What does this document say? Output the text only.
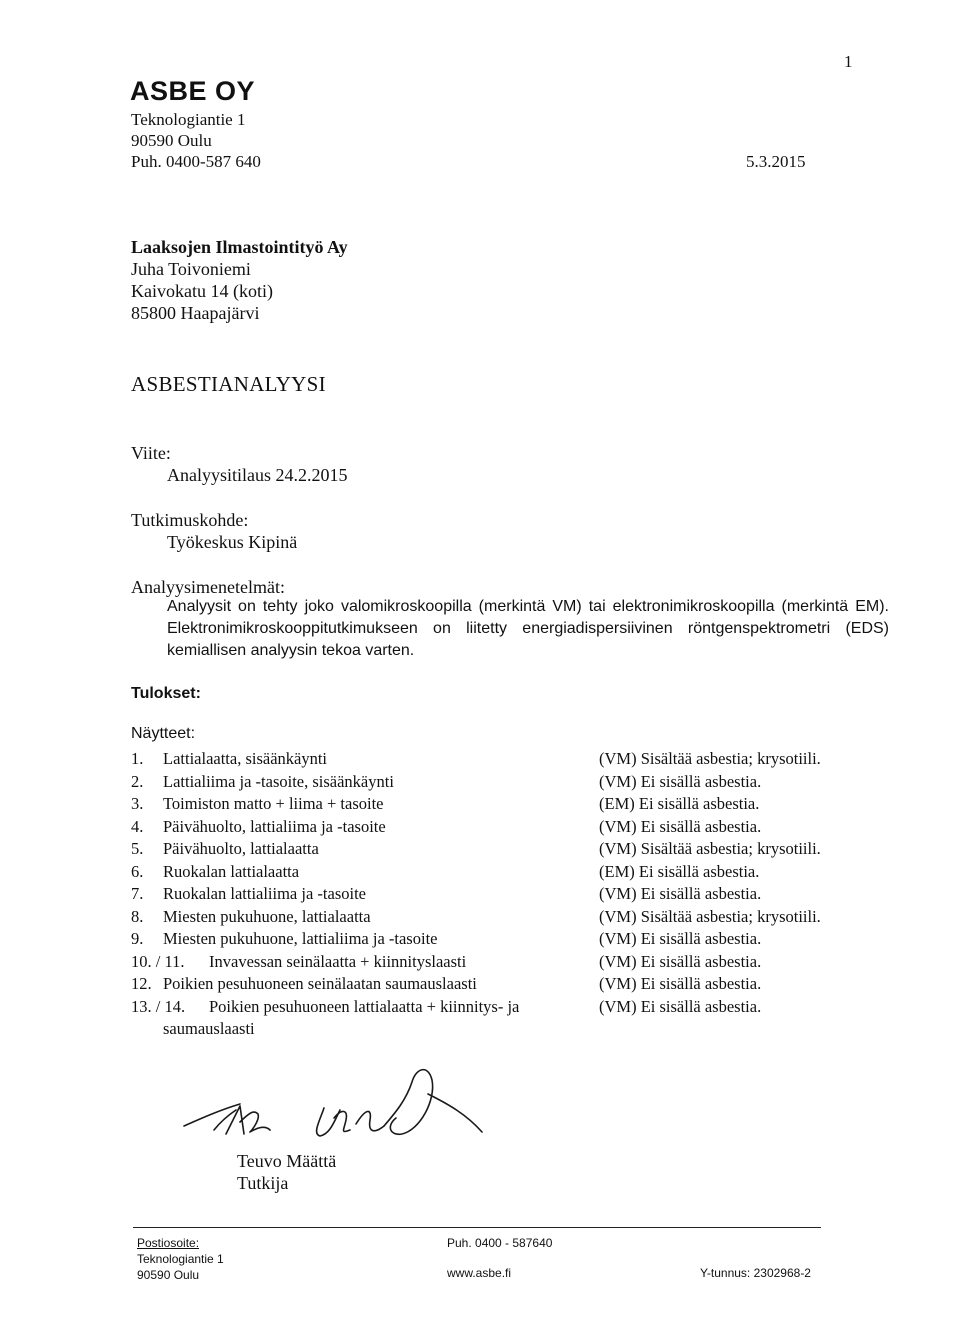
1
ASBE OY
Teknologiantie 1
90590 Oulu
Puh. 0400-587 640	5.3.2015
Laaksojen Ilmastointityö Ay
Juha Toivoniemi
Kaivokatu 14 (koti)
85800 Haapajärvi
ASBESTIANALYYSI
Viite:
Analyysitilaus 24.2.2015
Tutkimuskohde:
Työkeskus Kipinä
Analyysimenetelmät:
Analyysit on tehty joko valomikroskoopilla (merkintä VM) tai elektronimikroskoopilla (merkintä EM). Elektronimikroskooppitutkimukseen on liitetty energiadispersiivinen röntgenspektrometri (EDS) kemiallisen analyysin tekoa varten.
Tulokset:
Näytteet:
1. Lattialaatta, sisäänkäynti	(VM) Sisältää asbestia; krysotiili.
2. Lattialiima ja -tasoite, sisäänkäynti	(VM) Ei sisällä asbestia.
3. Toimiston matto + liima + tasoite	(EM) Ei sisällä asbestia.
4. Päivähuolto, lattialiima ja -tasoite	(VM) Ei sisällä asbestia.
5. Päivähuolto, lattialaatta	(VM) Sisältää asbestia; krysotiili.
6. Ruokalan lattialaatta	(EM) Ei sisällä asbestia.
7. Ruokalan lattialiima ja -tasoite	(VM) Ei sisällä asbestia.
8. Miesten pukuhuone, lattialaatta	(VM) Sisältää asbestia; krysotiili.
9. Miesten pukuhuone, lattialiima ja -tasoite	(VM) Ei sisällä asbestia.
10. / 11. Invavessan seinälaatta + kiinnityslaasti	(VM) Ei sisällä asbestia.
12. Poikien pesuhuoneen seinälaatan saumauslaasti	(VM) Ei sisällä asbestia.
13. / 14. Poikien pesuhuoneen lattialaatta + kiinnitys- ja	(VM) Ei sisällä asbestia.
saumauslaasti
Teuvo Määttä
Tutkija
Postiosoite:
Teknologiantie 1
90590 Oulu
Puh. 0400 - 587640
www.asbe.fi	Y-tunnus: 2302968-2
